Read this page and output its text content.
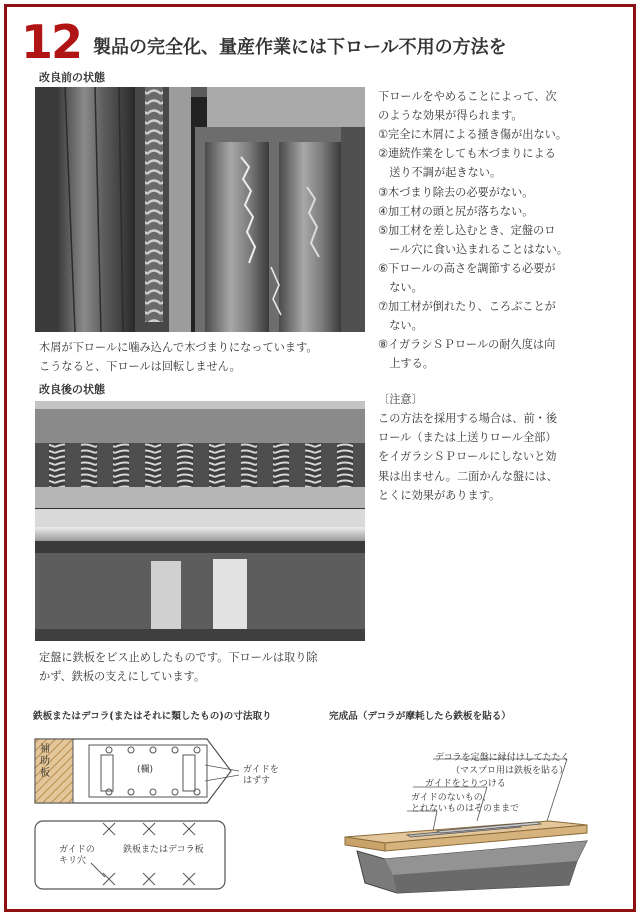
12 製品の完全化、量産作業には下ロール不用の方法を
改良前の状態
木屑が下ロールに噛み込んで木づまりになっています。
こうなると、下ロールは回転しません。
改良後の状態
定盤に鉄板をビス止めしたものです。下ロールは取り除
かず、鉄板の支えにしています。
下ロールをやめることによって、次
のような効果が得られます。
①完全に木屑による掻き傷が出ない。
②連続作業をしても木づまりによる
　送り不調が起きない。
③木づまり除去の必要がない。
④加工材の頭と尻が落ちない。
⑤加工材を差し込むとき、定盤のロ
　ール穴に食い込まれることはない。
⑥下ロールの高さを調節する必要が
　ない。
⑦加工材が倒れたり、ころぶことが
　ない。
⑧イガラシＳＰロールの耐久度は向
　上する。
〔注意〕
この方法を採用する場合は、前・後
ロール（または上送りロール全部）
をイガラシＳＰロールにしないと効
果は出ません。二面かんな盤には、
とくに効果があります。
鉄板またはデコラ(またはそれに類したもの)の寸法取り
補
助
板	(欄)	ガイドを
はずす
ガイドの
キリ穴
鉄板またはデコラ板
完成品（デコラが摩耗したら鉄板を貼る）
デコラを定盤に縁付けしてたたく
（マスプロ用は鉄板を貼る）
ガイドをとりつける
ガイドのないもの、
とれないものはそのままで
